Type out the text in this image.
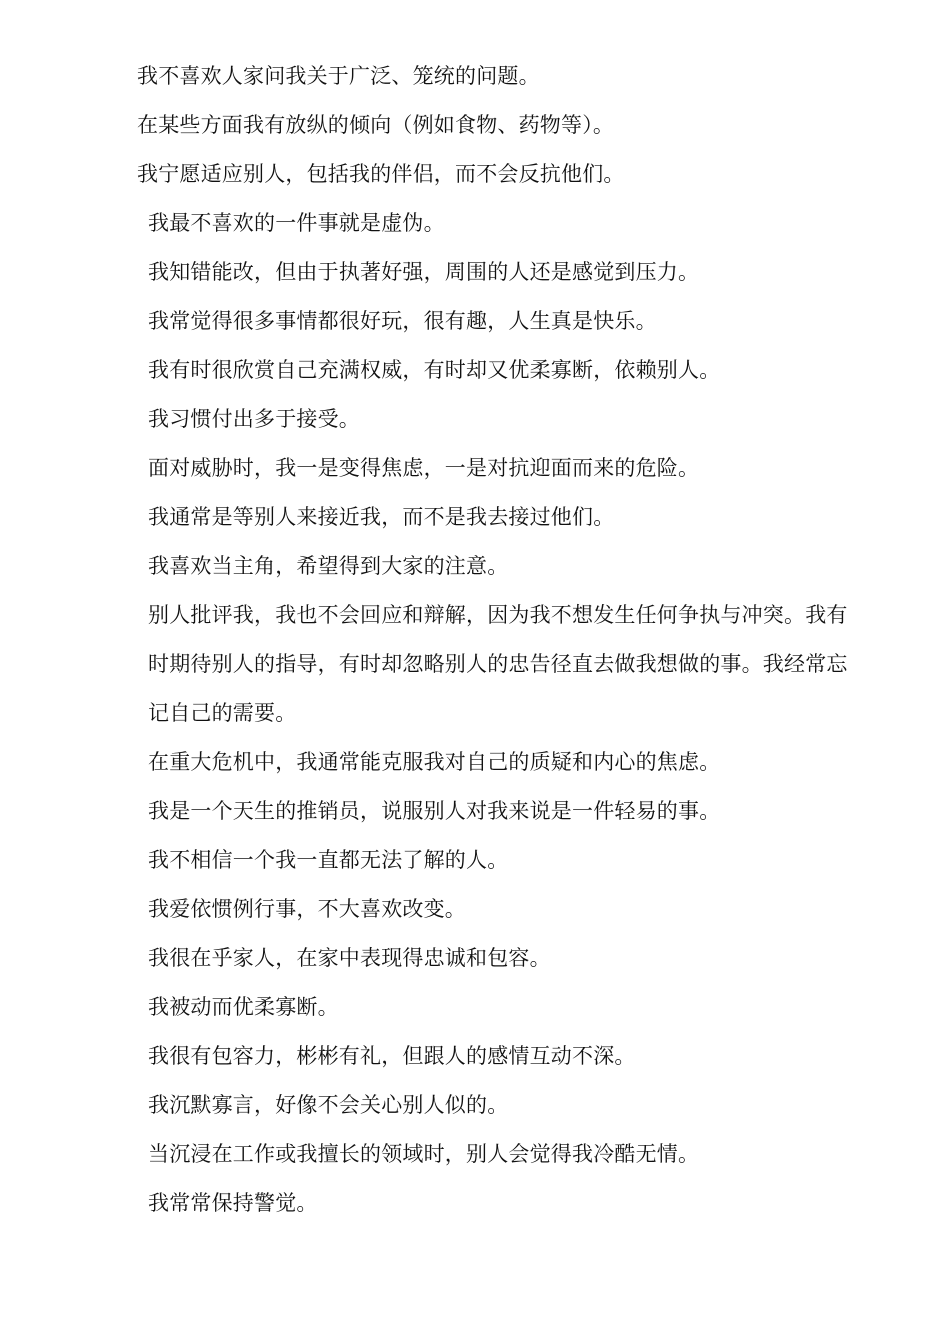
我不喜欢人家问我关于广泛、笼统的问题。
在某些方面我有放纵的倾向（例如食物、药物等）。
我宁愿适应别人，包括我的伴侣，而不会反抗他们。
我最不喜欢的一件事就是虚伪。
我知错能改，但由于执著好强，周围的人还是感觉到压力。
我常觉得很多事情都很好玩，很有趣，人生真是快乐。
我有时很欣赏自己充满权威，有时却又优柔寡断，依赖别人。
我习惯付出多于接受。
面对威胁时，我一是变得焦虑，一是对抗迎面而来的危险。
我通常是等别人来接近我，而不是我去接过他们。
我喜欢当主角，希望得到大家的注意。
别人批评我，我也不会回应和辩解，因为我不想发生任何争执与冲突。我有
时期待别人的指导，有时却忽略别人的忠告径直去做我想做的事。我经常忘
记自己的需要。
在重大危机中，我通常能克服我对自己的质疑和内心的焦虑。
我是一个天生的推销员，说服别人对我来说是一件轻易的事。
我不相信一个我一直都无法了解的人。
我爱依惯例行事，不大喜欢改变。
我很在乎家人，在家中表现得忠诚和包容。
我被动而优柔寡断。
我很有包容力，彬彬有礼，但跟人的感情互动不深。
我沉默寡言，好像不会关心别人似的。
当沉浸在工作或我擅长的领域时，别人会觉得我冷酷无情。
我常常保持警觉。
